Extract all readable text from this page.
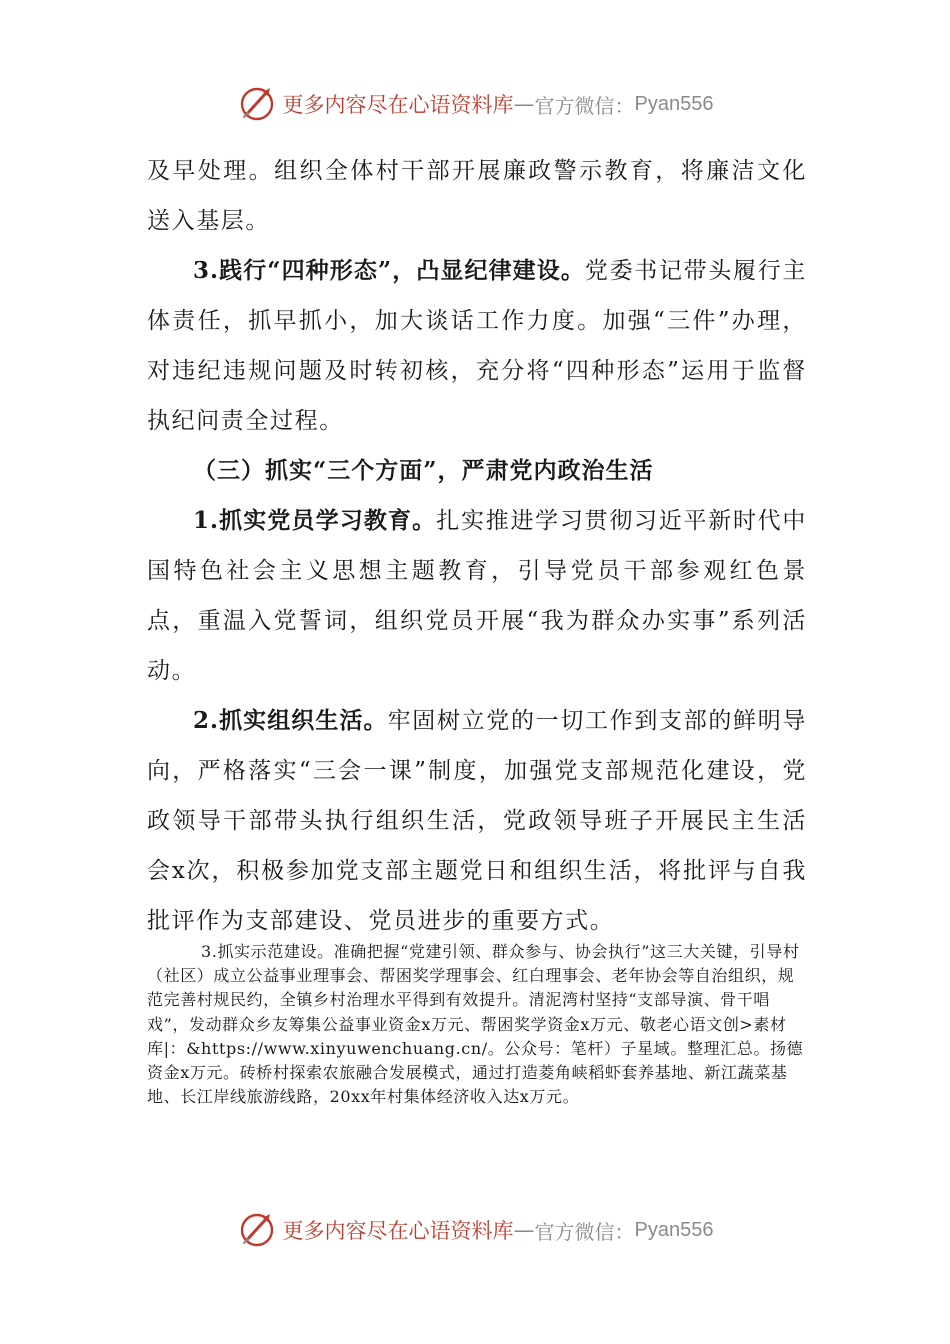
更多内容尽在心语资料库 — 官方微信： Pyan556

及早处理。组织全体村干部开展廉政警示教育，将廉洁文化送入基层。

3.践行“四种形态”，凸显纪律建设。党委书记带头履行主体责任，抓早抓小，加大谈话工作力度。加强“三件”办理，对违纪违规问题及时转初核，充分将“四种形态”运用于监督执纪问责全过程。

（三）抓实“三个方面”，严肃党内政治生活

1.抓实党员学习教育。扎实推进学习贯彻习近平新时代中国特色社会主义思想主题教育，引导党员干部参观红色景点，重温入党誓词，组织党员开展“我为群众办实事”系列活动。

2.抓实组织生活。牢固树立党的一切工作到支部的鲜明导向，严格落实“三会一课”制度，加强党支部规范化建设，党政领导干部带头执行组织生活，党政领导班子开展民主生活会x次，积极参加党支部主题党日和组织生活，将批评与自我批评作为支部建设、党员进步的重要方式。

3.抓实示范建设。准确把握“党建引领、群众参与、协会执行”这三大关键，引导村（社区）成立公益事业理事会、帮困奖学理事会、红白理事会、老年协会等自治组织，规范完善村规民约，全镇乡村治理水平得到有效提升。清泥湾村坚持“支部导演、骨干唱戏”，发动群众乡友筹集公益事业资金x万元、帮困奖学资金x万元、敬老心语文创>素材库|：&https://www.xinyuwenchuang.cn/。公众号：笔杆）子星域。整理汇总。扬德资金x万元。砖桥村探索农旅融合发展模式，通过打造菱角峡稻虾套养基地、新江蔬菜基地、长江岸线旅游线路，20xx年村集体经济收入达x万元。

更多内容尽在心语资料库 — 官方微信： Pyan556
